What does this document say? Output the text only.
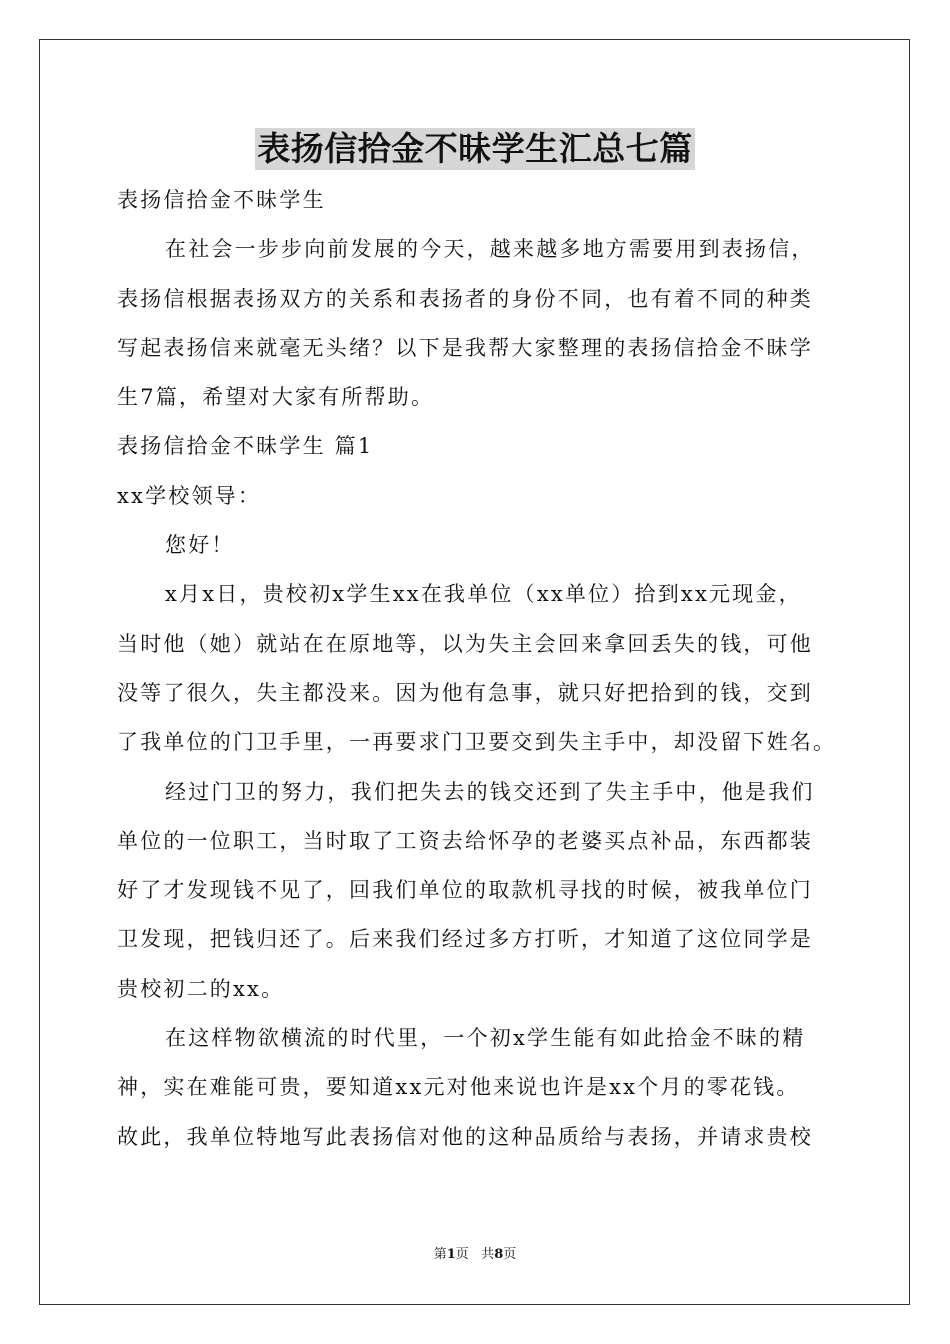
表扬信拾金不昧学生汇总七篇
表扬信拾金不昧学生
在社会一步步向前发展的今天，越来越多地方需要用到表扬信，
表扬信根据表扬双方的关系和表扬者的身份不同，也有着不同的种类
写起表扬信来就毫无头绪？以下是我帮大家整理的表扬信拾金不昧学
生7篇，希望对大家有所帮助。
表扬信拾金不昧学生 篇1
xx学校领导：
您好！
x月x日，贵校初x学生xx在我单位（xx单位）拾到xx元现金，
当时他（她）就站在在原地等，以为失主会回来拿回丢失的钱，可他
没等了很久，失主都没来。因为他有急事，就只好把拾到的钱，交到
了我单位的门卫手里，一再要求门卫要交到失主手中，却没留下姓名。
经过门卫的努力，我们把失去的钱交还到了失主手中，他是我们
单位的一位职工，当时取了工资去给怀孕的老婆买点补品，东西都装
好了才发现钱不见了，回我们单位的取款机寻找的时候，被我单位门
卫发现，把钱归还了。后来我们经过多方打听，才知道了这位同学是
贵校初二的xx。
在这样物欲横流的时代里，一个初x学生能有如此拾金不昧的精
神，实在难能可贵，要知道xx元对他来说也许是xx个月的零花钱。
故此，我单位特地写此表扬信对他的这种品质给与表扬，并请求贵校
第1页 共8页
